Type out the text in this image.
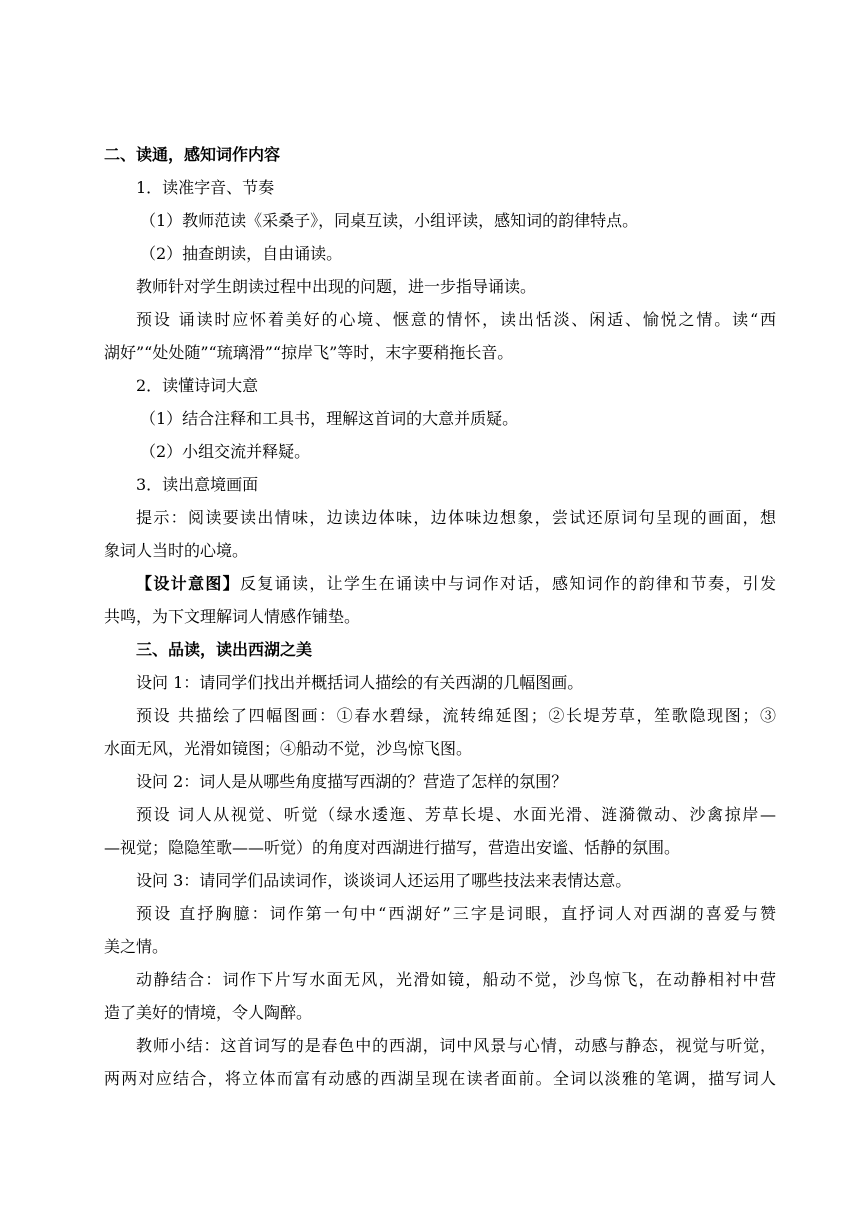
二、读通，感知词作内容
1．读准字音、节奏
（1）教师范读《采桑子》，同桌互读，小组评读，感知词的韵律特点。
（2）抽查朗读，自由诵读。
教师针对学生朗读过程中出现的问题，进一步指导诵读。
预设 诵读时应怀着美好的心境、惬意的情怀，读出恬淡、闲适、愉悦之情。读“西
湖好”“处处随”“琉璃滑”“掠岸飞”等时，末字要稍拖长音。
2．读懂诗词大意
（1）结合注释和工具书，理解这首词的大意并质疑。
（2）小组交流并释疑。
3．读出意境画面
提示：阅读要读出情味，边读边体味，边体味边想象，尝试还原词句呈现的画面，想
象词人当时的心境。
【设计意图】反复诵读，让学生在诵读中与词作对话，感知词作的韵律和节奏，引发
共鸣，为下文理解词人情感作铺垫。
三、品读，读出西湖之美
设问 1：请同学们找出并概括词人描绘的有关西湖的几幅图画。
预设 共描绘了四幅图画：①春水碧绿，流转绵延图；②长堤芳草，笙歌隐现图；③
水面无风，光滑如镜图；④船动不觉，沙鸟惊飞图。
设问 2：词人是从哪些角度描写西湖的？营造了怎样的氛围？
预设 词人从视觉、听觉（绿水逶迤、芳草长堤、水面光滑、涟漪微动、沙禽掠岸—
—视觉；隐隐笙歌——听觉）的角度对西湖进行描写，营造出安谧、恬静的氛围。
设问 3：请同学们品读词作，谈谈词人还运用了哪些技法来表情达意。
预设 直抒胸臆：词作第一句中“西湖好”三字是词眼，直抒词人对西湖的喜爱与赞
美之情。
动静结合：词作下片写水面无风，光滑如镜，船动不觉，沙鸟惊飞，在动静相衬中营
造了美好的情境，令人陶醉。
教师小结：这首词写的是春色中的西湖，词中风景与心情，动感与静态，视觉与听觉，
两两对应结合，将立体而富有动感的西湖呈现在读者面前。全词以淡雅的笔调，描写词人
